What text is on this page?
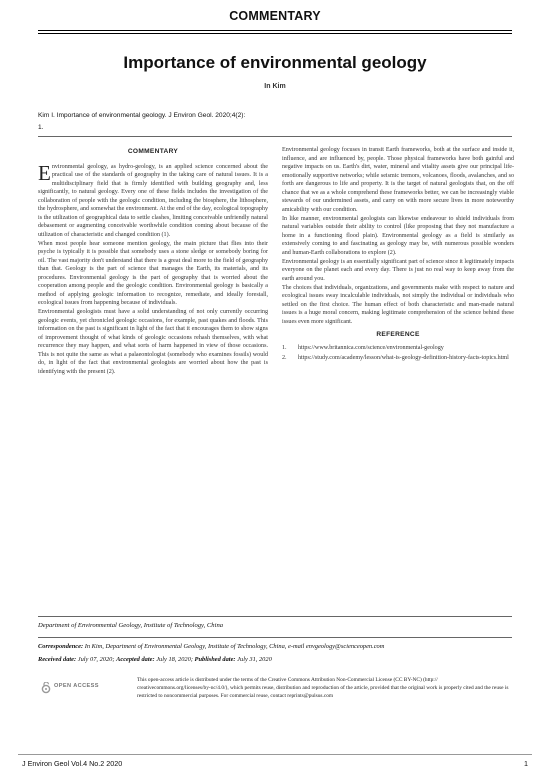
COMMENTARY
Importance of environmental geology
In Kim
Kim I. Importance of environmental geology. J Environ Geol. 2020;4(2):
1.
COMMENTARY

Environmental geology, as hydro-geology, is an applied science concerned about the practical use of the standards of geography in the taking care of natural issues. It is a multidisciplinary field that is firmly identified with building geography and, less significantly, to natural geology. Every one of these fields includes the investigation of the collaboration of people with the geologic condition, including the biosphere, the lithosphere, the hydrosphere, and somewhat the environment. At the end of the day, ecological topography is the utilization of geographical data to settle clashes, limiting conceivable unfriendly natural debasement or augmenting conceivable worthwhile condition coming about because of the utilization of characteristic and changed condition (1).

When most people hear someone mention geology, the main picture that flies into their psyche is typically it is possible that somebody uses a stone sledge or somebody boring for oil. The vast majority don't understand that there is a great deal more to the field of geography than that. Geology is the part of science that manages the Earth, its materials, and its procedures. Environmental geology is the part of geography that is worried about the cooperation among people and the geologic condition. Environmental geology is basically a method of applying geologic information to recognize, remediate, and ideally forestall, ecological issues from happening because of individuals.

Environmental geologists must have a solid understanding of not only currently occurring geologic events, yet chronicled geologic occasions, for example, past quakes and floods. This information on the past is significant in light of the fact that it encourages them to show signs of improvement thought of what kinds of geologic occasions rehash themselves, with what recurrence they may happen, and what sorts of harm happened in view of those occasions. This is not quite the same as what a palaeontologist (somebody who examines fossils) would do, in light of the fact that environmental geologists are worried about how the past is identifying with the present (2).

Environmental geology focuses in transit Earth frameworks, both at the surface and inside it, influence, and are influenced by, people. Those physical frameworks have both gainful and negative impacts on us. Earth's dirt, water, mineral and vitality assets give our principal life-emotionally supportive networks; while seismic tremors, volcanoes, floods, avalanches, and so forth are dangerous to life and property. It is the target of natural geologists that, on the off chance that we as a whole comprehend these frameworks better, we can be increasingly viable stewards of our undermined assets, and carry on with more secure lives in more noteworthy amicability with our condition.

In like manner, environmental geologists can likewise endeavour to shield individuals from natural variables outside their ability to control (like proposing that they not manufacture a home in a functioning flood plain). Environmental geology as a field is similarly as extensively coming to and fascinating as geology may be, with numerous possible wonders and human-Earth collaborations to explore (2).

Environmental geology is an essentially significant part of science since it legitimately impacts everyone on the planet each and every day. There is just no real way to keep away from the earth around you.

The choices that individuals, organizations, and governments make with respect to nature and ecological issues sway incalculable individuals, not simply the individual or individuals who settled on the first choice. The human effect of both characteristic and man-made natural issues is a huge moral concern, making legitimate comprehension of the science behind these issues even more significant.

REFERENCE
1. https://www.britannica.com/science/environmental-geology
2. https://study.com/academy/lesson/what-is-geology-definition-history-facts-topics.html
Department of Environmental Geology, Institute of Technology, China
Correspondence: In Kim, Department of Environmental Geology, Institute of Technology, China, e-mail envgeology@scienceopen.com
Received date: July 07, 2020; Accepted date: July 18, 2020; Published date: July 31, 2020
OPEN ACCESS
This open-access article is distributed under the terms of the Creative Commons Attribution Non-Commercial License (CC BY-NC) (http:// creativecommons.org/licenses/by-nc/4.0/), which permits reuse, distribution and reproduction of the article, provided that the original work is properly cited and the reuse is restricted to noncommercial purposes. For commercial reuse, contact reprints@pulsus.com
J Environ Geol Vol.4 No.2 2020	1
